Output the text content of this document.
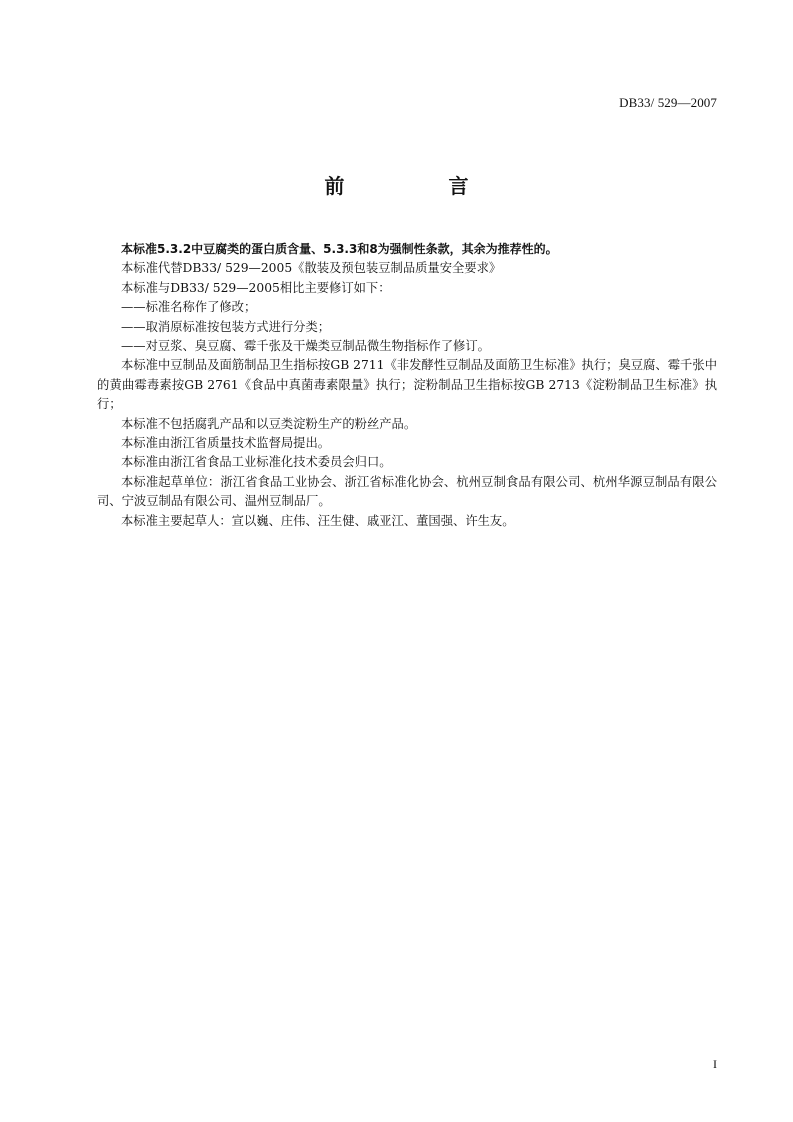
DB33/ 529—2007
前　言

本标准5.3.2中豆腐类的蛋白质含量、5.3.3和8为强制性条款，其余为推荐性的。

本标准代替DB33/ 529—2005《散装及预包装豆制品质量安全要求》

本标准与DB33/ 529—2005相比主要修订如下：

——标准名称作了修改；

——取消原标准按包装方式进行分类；

——对豆浆、臭豆腐、霉千张及干燥类豆制品微生物指标作了修订。

本标准中豆制品及面筋制品卫生指标按GB 2711《非发酵性豆制品及面筋卫生标准》执行；臭豆腐、霉千张中的黄曲霉毒素按GB 2761《食品中真菌毒素限量》执行；淀粉制品卫生指标按GB 2713《淀粉制品卫生标准》执行；

本标准不包括腐乳产品和以豆类淀粉生产的粉丝产品。

本标准由浙江省质量技术监督局提出。

本标准由浙江省食品工业标准化技术委员会归口。

本标准起草单位：浙江省食品工业协会、浙江省标准化协会、杭州豆制食品有限公司、杭州华源豆制品有限公司、宁波豆制品有限公司、温州豆制品厂。

本标准主要起草人：宣以巍、庄伟、汪生健、戚亚江、董国强、许生友。

I
